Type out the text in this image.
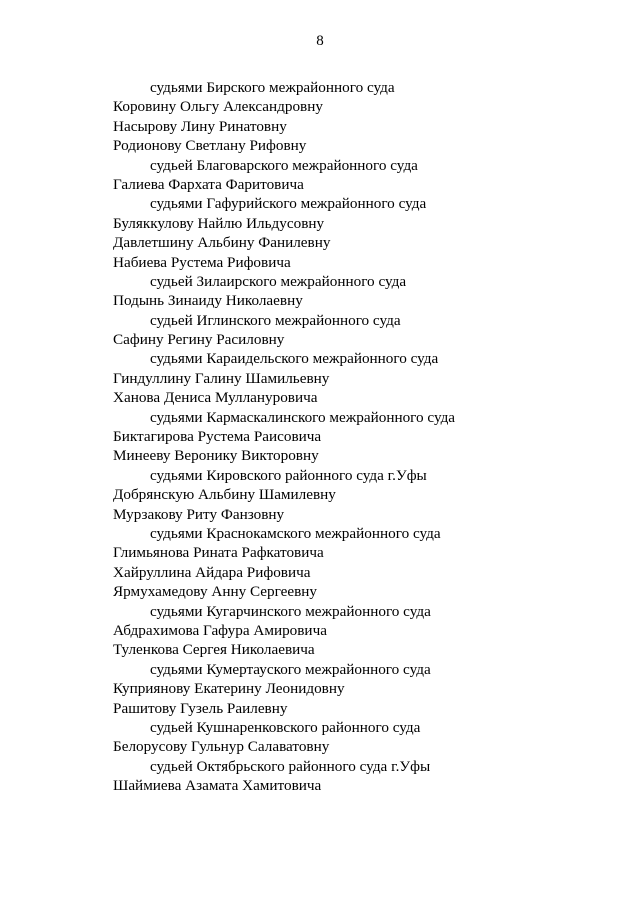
8
судьями Бирского межрайонного суда
Коровину Ольгу Александровну
Насырову Лину Ринатовну
Родионову Светлану Рифовну
судьей Благоварского межрайонного суда
Галиева Фархата Фаритовича
судьями Гафурийского межрайонного суда
Буляккулову Найлю Ильдусовну
Давлетшину Альбину Фанилевну
Набиева Рустема Рифовича
судьей Зилаирского межрайонного суда
Подынь Зинаиду Николаевну
судьей Иглинского межрайонного суда
Сафину Регину Расиловну
судьями Караидельского межрайонного суда
Гиндуллину Галину Шамильевну
Ханова Дениса Муллануровича
судьями Кармаскалинского межрайонного суда
Биктагирова Рустема Раисовича
Минееву Веронику Викторовну
судьями Кировского районного суда г.Уфы
Добрянскую Альбину Шамилевну
Мурзакову Риту Фанзовну
судьями Краснокамского межрайонного суда
Глимьянова Рината Рафкатовича
Хайруллина Айдара Рифовича
Ярмухамедову Анну Сергеевну
судьями Кугарчинского межрайонного суда
Абдрахимова Гафура Амировича
Туленкова Сергея Николаевича
судьями Кумертауского межрайонного суда
Куприянову Екатерину Леонидовну
Рашитову Гузель Раилевну
судьей Кушнаренковского районного суда
Белорусову Гульнур Салаватовну
судьей Октябрьского районного суда г.Уфы
Шаймиева Азамата Хамитовича
